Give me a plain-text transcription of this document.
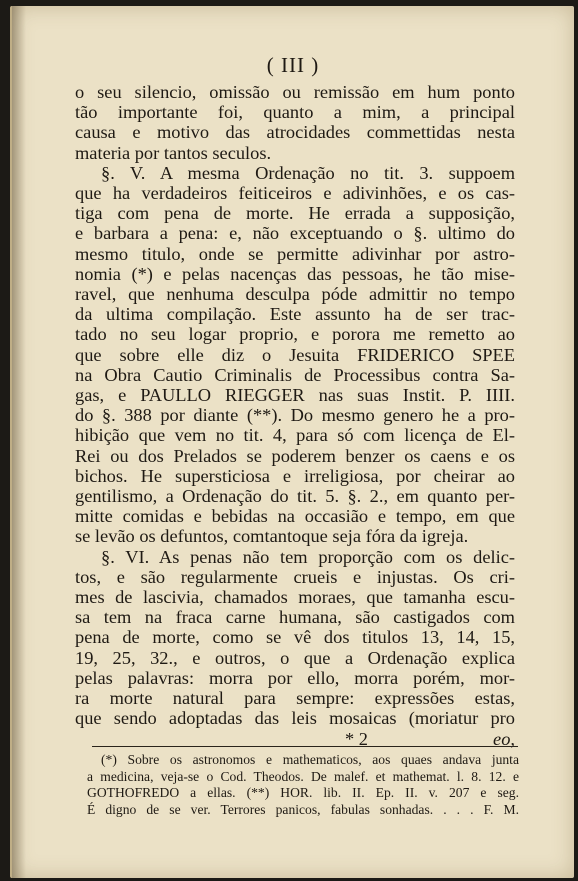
( III )
o seu silencio, omissão ou remissão em hum ponto
tão importante foi, quanto a mim, a principal
causa e motivo das atrocidades commettidas nesta
materia por tantos seculos.
§. V. A mesma Ordenação no tit. 3. suppoem
que ha verdadeiros feiticeiros e adivinhões, e os cas-
tiga com pena de morte. He errada a supposição,
e barbara a pena: e, não exceptuando o §. ultimo do
mesmo titulo, onde se permitte adivinhar por astro-
nomia (*) e pelas nacenças das pessoas, he tão mise-
ravel, que nenhuma desculpa póde admittir no tempo
da ultima compilação. Este assunto ha de ser trac-
tado no seu logar proprio, e porora me remetto ao
que sobre elle diz o Jesuita FRIDERICO SPEE
na Obra Cautio Criminalis de Processibus contra Sa-
gas, e PAULLO RIEGGER nas suas Instit. P. IIII.
do §. 388 por diante (**). Do mesmo genero he a pro-
hibição que vem no tit. 4, para só com licença de El-
Rei ou dos Prelados se poderem benzer os caens e os
bichos. He supersticiosa e irreligiosa, por cheirar ao
gentilismo, a Ordenação do tit. 5. §. 2., em quanto per-
mitte comidas e bebidas na occasião e tempo, em que
se levão os defuntos, comtantoque seja fóra da igreja.
§. VI. As penas não tem proporção com os delic-
tos, e são regularmente crueis e injustas. Os cri-
mes de lascivia, chamados moraes, que tamanha escu-
sa tem na fraca carne humana, são castigados com
pena de morte, como se vê dos titulos 13, 14, 15,
19, 25, 32., e outros, o que a Ordenação explica
pelas palavras: morra por ello, morra porém, mor-
ra morte natural para sempre: expressões estas,
que sendo adoptadas das leis mosaicas (moriatur pro
* 2	eo,
(*) Sobre os astronomos e mathematicos, aos quaes andava junta
a medicina, veja-se o Cod. Theodos. De malef. et mathemat. l. 8. 12. e
GOTHOFREDO a ellas. (**) HOR. lib. II. Ep. II. v. 207 e seg.
É digno de se ver. Terrores panicos, fabulas sonhadas. . . . F. M.
